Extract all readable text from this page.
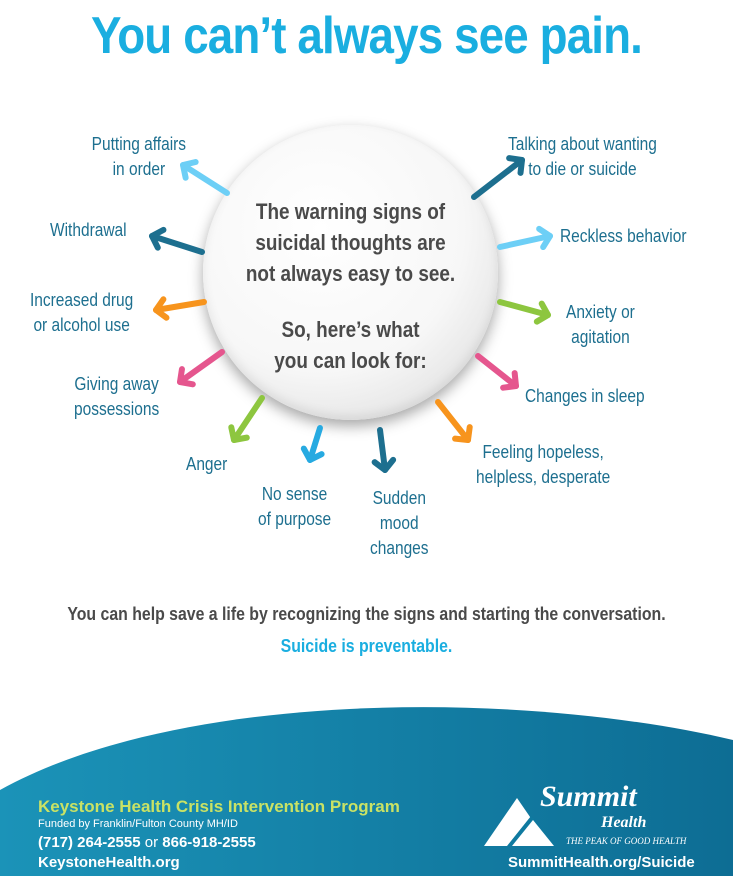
You can’t always see pain.
The warning signs of
suicidal thoughts are
not always easy to see.
So, here’s what
you can look for:
Putting affairs
in order
Withdrawal
Increased drug
or alcohol use
Giving away
possessions
Anger
No sense
of purpose
Sudden
mood
changes
Talking about wanting
to die or suicide
Reckless behavior
Anxiety or
agitation
Changes in sleep
Feeling hopeless,
helpless, desperate
You can help save a life by recognizing the signs and starting the conversation.
Suicide is preventable.
Keystone Health Crisis Intervention Program
Funded by Franklin/Fulton County MH/ID
(717) 264-2555 or 866-918-2555
KeystoneHealth.org
Summit
Health
THE PEAK OF GOOD HEALTH
SummitHealth.org/Suicide
